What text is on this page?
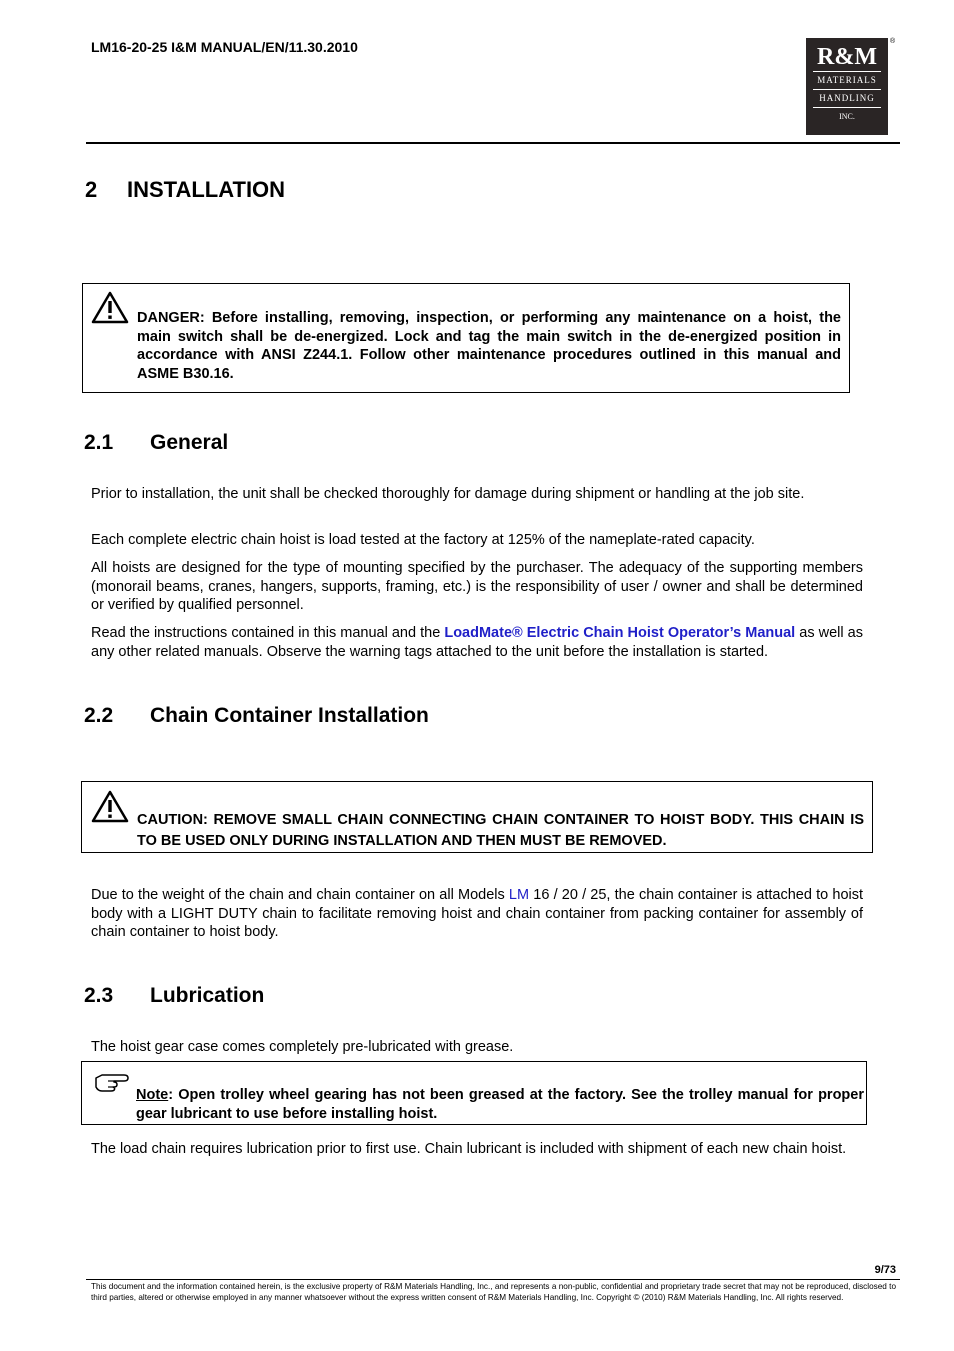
LM16-20-25 I&M MANUAL/EN/11.30.2010	R&M
MATERIALS
HANDLING
INC.
®
2 INSTALLATION
DANGER: Before installing, removing, inspection, or performing any maintenance on a hoist, the main switch shall be de-energized. Lock and tag the main switch in the de-energized position in accordance with ANSI Z244.1. Follow other maintenance procedures outlined in this manual and ASME B30.16.
2.1 General
Prior to installation, the unit shall be checked thoroughly for damage during shipment or handling at the job site.
Each complete electric chain hoist is load tested at the factory at 125% of the nameplate-rated capacity.
All hoists are designed for the type of mounting specified by the purchaser. The adequacy of the supporting members (monorail beams, cranes, hangers, supports, framing, etc.) is the responsibility of user / owner and shall be determined or verified by qualified personnel.
Read the instructions contained in this manual and the LoadMate® Electric Chain Hoist Operator’s Manual as well as any other related manuals. Observe the warning tags attached to the unit before the installation is started.
2.2 Chain Container Installation
CAUTION: REMOVE SMALL CHAIN CONNECTING CHAIN CONTAINER TO HOIST BODY. THIS CHAIN IS TO BE USED ONLY DURING INSTALLATION AND THEN MUST BE REMOVED.
Due to the weight of the chain and chain container on all Models LM 16 / 20 / 25, the chain container is attached to hoist body with a LIGHT DUTY chain to facilitate removing hoist and chain container from packing container for assembly of chain container to hoist body.
2.3 Lubrication
The hoist gear case comes completely pre-lubricated with grease.
Note: Open trolley wheel gearing has not been greased at the factory. See the trolley manual for proper gear lubricant to use before installing hoist.
The load chain requires lubrication prior to first use. Chain lubricant is included with shipment of each new chain hoist.
9/73
This document and the information contained herein, is the exclusive property of R&M Materials Handling, Inc., and represents a non-public, confidential and proprietary trade secret that may not be reproduced, disclosed to third parties, altered or otherwise employed in any manner whatsoever without the express written consent of R&M Materials Handling, Inc. Copyright © (2010) R&M Materials Handling, Inc. All rights reserved.
